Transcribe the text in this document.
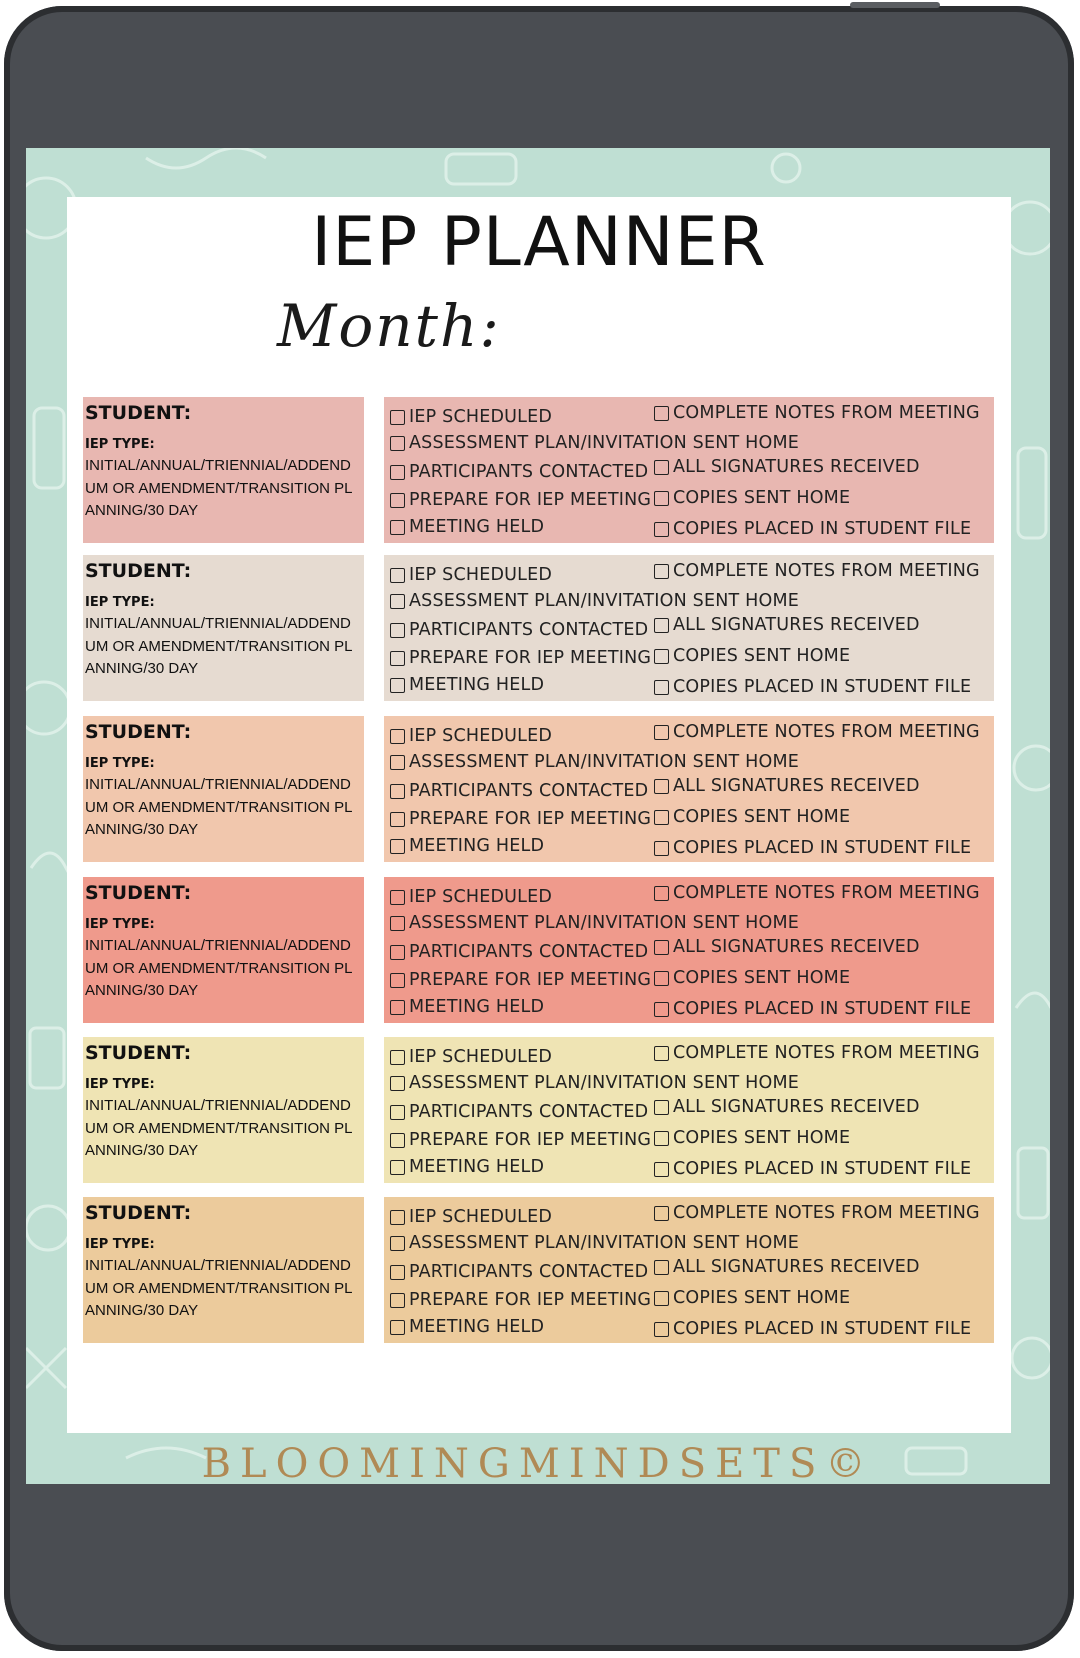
IEP PLANNER
Month:
STUDENT:
IEP TYPE:
INITIAL/ANNUAL/TRIENNIAL/ADDENDUM OR AMENDMENT/TRANSITION PLANNING/30 DAY
IEP SCHEDULED
ASSESSMENT PLAN/INVITATION SENT HOME
PARTICIPANTS CONTACTED
PREPARE FOR IEP MEETING
MEETING HELD
COMPLETE NOTES FROM MEETING
ALL SIGNATURES RECEIVED
COPIES SENT HOME
COPIES PLACED IN STUDENT FILE
STUDENT:
IEP TYPE:
INITIAL/ANNUAL/TRIENNIAL/ADDENDUM OR AMENDMENT/TRANSITION PLANNING/30 DAY
IEP SCHEDULED
ASSESSMENT PLAN/INVITATION SENT HOME
PARTICIPANTS CONTACTED
PREPARE FOR IEP MEETING
MEETING HELD
COMPLETE NOTES FROM MEETING
ALL SIGNATURES RECEIVED
COPIES SENT HOME
COPIES PLACED IN STUDENT FILE
STUDENT:
IEP TYPE:
INITIAL/ANNUAL/TRIENNIAL/ADDENDUM OR AMENDMENT/TRANSITION PLANNING/30 DAY
IEP SCHEDULED
ASSESSMENT PLAN/INVITATION SENT HOME
PARTICIPANTS CONTACTED
PREPARE FOR IEP MEETING
MEETING HELD
COMPLETE NOTES FROM MEETING
ALL SIGNATURES RECEIVED
COPIES SENT HOME
COPIES PLACED IN STUDENT FILE
STUDENT:
IEP TYPE:
INITIAL/ANNUAL/TRIENNIAL/ADDENDUM OR AMENDMENT/TRANSITION PLANNING/30 DAY
IEP SCHEDULED
ASSESSMENT PLAN/INVITATION SENT HOME
PARTICIPANTS CONTACTED
PREPARE FOR IEP MEETING
MEETING HELD
COMPLETE NOTES FROM MEETING
ALL SIGNATURES RECEIVED
COPIES SENT HOME
COPIES PLACED IN STUDENT FILE
STUDENT:
IEP TYPE:
INITIAL/ANNUAL/TRIENNIAL/ADDENDUM OR AMENDMENT/TRANSITION PLANNING/30 DAY
IEP SCHEDULED
ASSESSMENT PLAN/INVITATION SENT HOME
PARTICIPANTS CONTACTED
PREPARE FOR IEP MEETING
MEETING HELD
COMPLETE NOTES FROM MEETING
ALL SIGNATURES RECEIVED
COPIES SENT HOME
COPIES PLACED IN STUDENT FILE
STUDENT:
IEP TYPE:
INITIAL/ANNUAL/TRIENNIAL/ADDENDUM OR AMENDMENT/TRANSITION PLANNING/30 DAY
IEP SCHEDULED
ASSESSMENT PLAN/INVITATION SENT HOME
PARTICIPANTS CONTACTED
PREPARE FOR IEP MEETING
MEETING HELD
COMPLETE NOTES FROM MEETING
ALL SIGNATURES RECEIVED
COPIES SENT HOME
COPIES PLACED IN STUDENT FILE
BLOOMINGMINDSETS©
